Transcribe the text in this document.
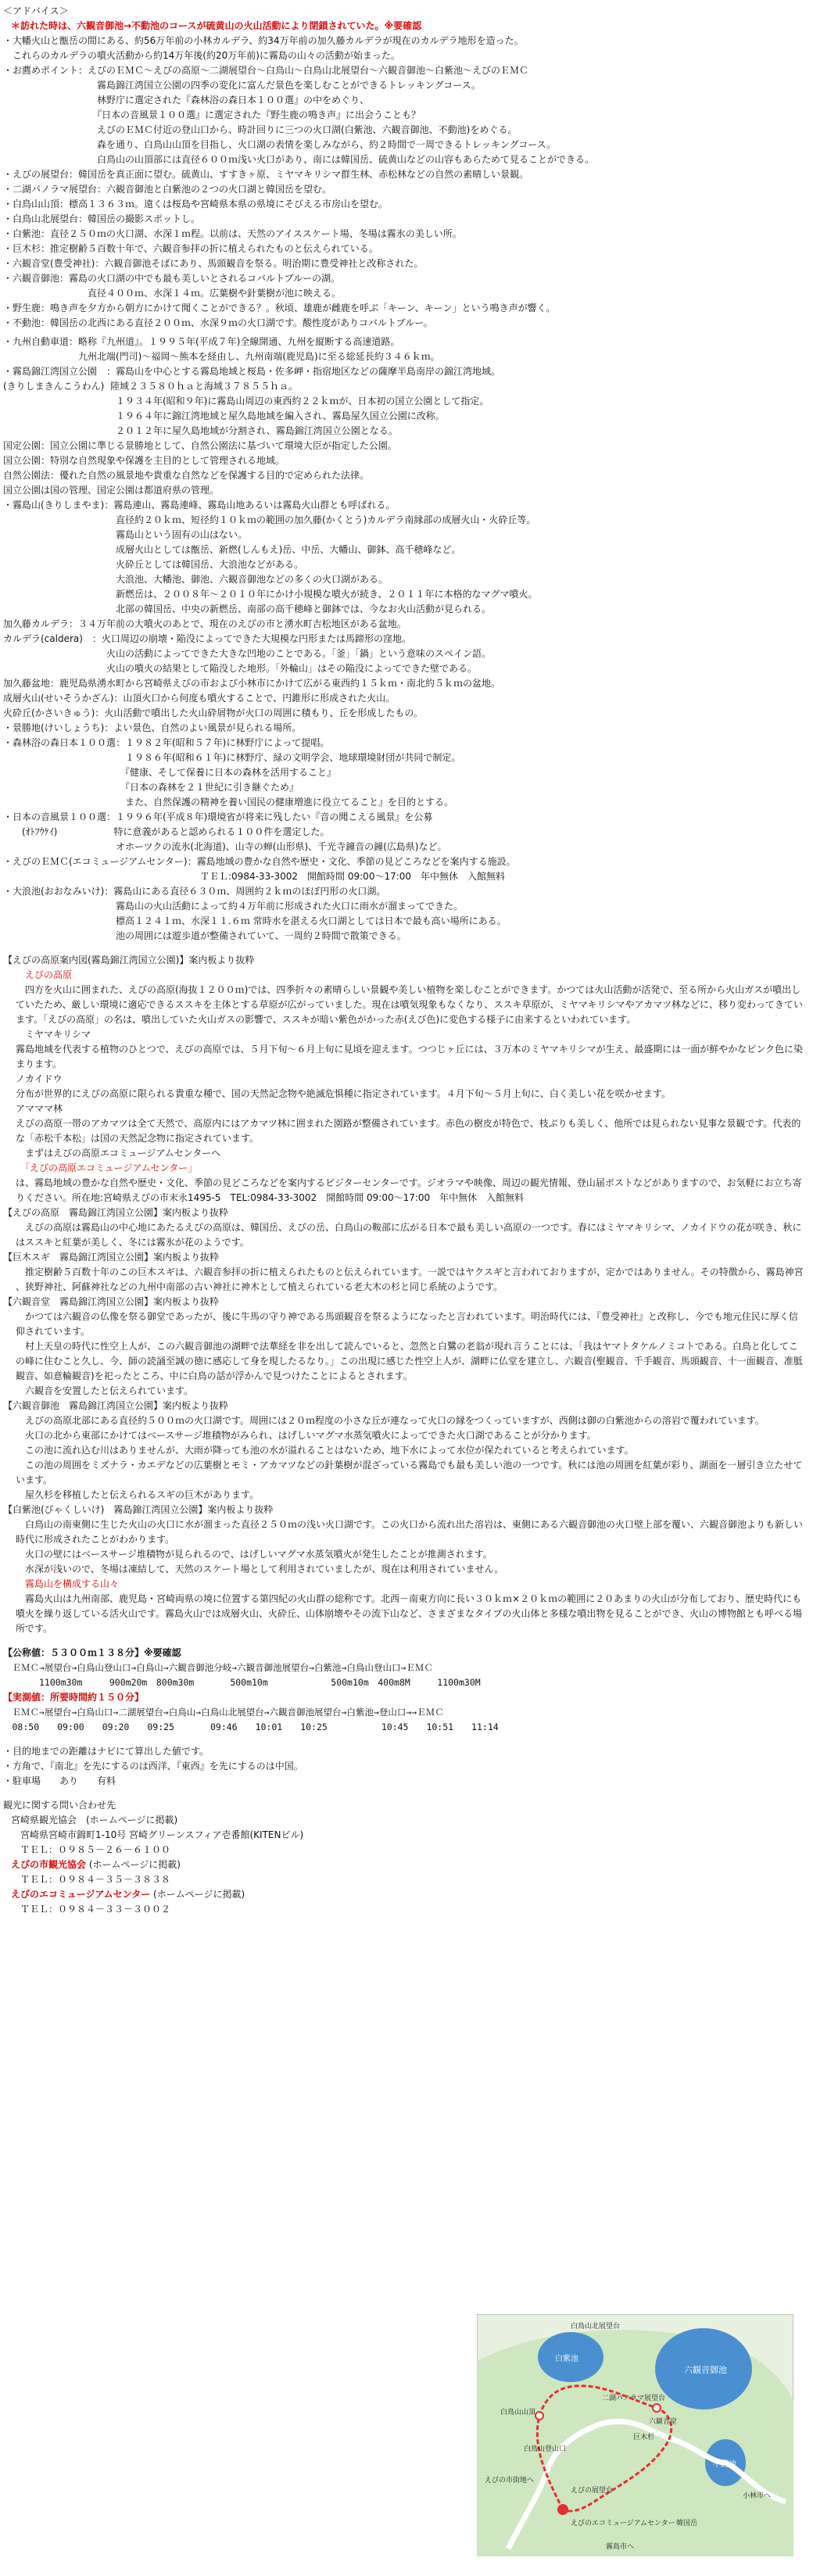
＜アドバイス＞
＊訪れた時は、六観音御池→不動池のコースが硫黄山の火山活動により閉鎖されていた。※要確認
・大幡火山と甑岳の間にある、約56万年前の小林カルデラ、約34万年前の加久藤カルデラが現在のカルデラ地形を造った。
　これらのカルデラの噴火活動から約14万年後(約20万年前)に霧島の山々の活動が始まった。
・お薦めポイント：えびのＥＭＣ～えびの高原～二湖展望台～白鳥山～白鳥山北展望台～六観音御池～白紫池～えびのＥＭＣ
　　　　　　　　　　霧島錦江湾国立公園の四季の変化に富んだ景色を楽しむことができるトレッキングコース。
　　　　　　　　　　林野庁に選定された『森林浴の森日本１００選』の中をめぐり、
　　　　　　　　　　『日本の音風景１００選』に選定された『野生鹿の鳴き声』に出会うことも？
　　　　　　　　　　えびのＥＭＣ付近の登山口から、時計回りに三つの火口湖(白紫池、六観音御池、不動池)をめぐる。
　　　　　　　　　　森を通り、白鳥山山頂を目指し、火口湖の表情を楽しみながら、約２時間で一周できるトレッキングコース。
　　　　　　　　　　白鳥山の山頂部には直径６００ｍ浅い火口があり、南には韓国岳、硫黄山などの山容もあらためて見ることができる。
・えびの展望台：韓国岳を真正面に望む。硫黄山、すすきヶ原、ミヤマキリシマ群生林、赤松林などの自然の素晴しい景観。
・二湖パノラマ展望台：六観音御池と白紫池の２つの火口湖と韓国岳を望む。
・白鳥山山頂：標高１３６３ｍ。遠くは桜島や宮崎県本県の県境にそびえる市房山を望む。
・白鳥山北展望台：韓国岳の撮影スポットし。
・白紫池：直径２５０ｍの火口湖、水深１ｍ程。以前は、天然のアイススケート場、冬場は霧氷の美しい所。
・巨木杉：推定樹齢５百数十年で、六観音参拝の折に植えられたものと伝えられている。
・六観音堂(豊受神社)：六観音御池そばにあり、馬頭観音を祭る。明治期に豊受神社と改称された。
・六観音御池：霧島の火口湖の中でも最も美しいとされるコバルトブルーの湖。
　　　　　　　　　直径４００ｍ、水深１４ｍ。広葉樹や針葉樹が池に映える。
・野生鹿：鳴き声を夕方から朝方にかけて聞くことができる？。秋頃、雄鹿が雌鹿を呼ぶ「キーン、キーン」という鳴き声が響く。
・不動池：韓国岳の北西にある直径２００ｍ、水深９ｍの火口湖です。酸性度がありコバルトブルー。
・九州自動車道：略称『九州道』。１９９５年(平成７年)全線開通、九州を縦断する高速道路。
　　　　　　　　九州北端(門司)～福岡～熊本を経由し、九州南端(鹿児島)に至る総延長約３４６ｋｍ。
・霧島錦江湾国立公園　：霧島山を中心とする霧島地域と桜島・佐多岬・指宿地区などの薩摩半島南岸の錦江湾地域。
(きりしまきんこうわん)  陸域２３５８０ｈａと海域３７８５５ｈａ。
　　　　　　　　　　　　１９３４年(昭和９年)に霧島山周辺の東西約２２ｋｍが、日本初の国立公園として指定。
　　　　　　　　　　　　１９６４年に錦江湾地域と屋久島地域を編入され、霧島屋久国立公園に改称。
　　　　　　　　　　　　２０１２年に屋久島地域が分割され、霧島錦江湾国立公園となる。
国定公園：国立公園に準じる景勝地として、自然公園法に基づいて環境大臣が指定した公園。
国立公園：特別な自然現象や保護を主目的として管理される地域。
自然公園法：優れた自然の風景地や貴重な自然などを保護する目的で定められた法律。
国立公園は国の管理、国定公園は都道府県の管理。
・霧島山(きりしまやま)：霧島連山、霧島連峰、霧島山地あるいは霧島火山群とも呼ばれる。
　　　　　　　　　　　　直径約２０ｋｍ、短径約１０ｋｍの範囲の加久藤(かくとう)カルデラ南縁部の成層火山・火砕丘等。
　　　　　　　　　　　　霧島山という固有の山はない。
　　　　　　　　　　　　成層火山としては甑岳、新燃(しんもえ)岳、中岳、大幡山、御鉢、高千穂峰など。
　　　　　　　　　　　　火砕丘としては韓国岳、大浪池などがある。
　　　　　　　　　　　　大浪池、大幡池、御池、六観音御池などの多くの火口湖がある。
　　　　　　　　　　　　新燃岳は、２００８年～２０１０年にかけ小規模な噴火が続き、２０１１年に本格的なマグマ噴火。
　　　　　　　　　　　　北部の韓国岳、中央の新燃岳、南部の高千穂峰と御鉢では、今なお火山活動が見られる。
加久藤カルデラ：３４万年前の大噴火のあとで、現在のえびの市と湧水町吉松地区がある盆地。
カルデラ(caldera)　：火口周辺の崩壊・陥没によってできた大規模な円形または馬蹄形の窪地。
　　　　　　　　　　　火山の活動によってできた大きな凹地のことである。「釜」「鍋」という意味のスペイン語。
　　　　　　　　　　　火山の噴火の結果として陥没した地形。「外輪山」はその陥没によってできた壁である。
加久藤盆地：鹿児島県湧水町から宮崎県えびの市および小林市にかけて広がる東西約１５ｋｍ・南北約５ｋｍの盆地。
成層火山(せいそうかざん)：山頂火口から何度も噴火することで、円錐形に形成された火山。
火砕丘(かさいきゅう)：火山活動で噴出した火山砕屑物が火口の周囲に積もり、丘を形成したもの。
・景勝地(けいしょうち)：よい景色、自然のよい風景が見られる場所。
・森林浴の森日本１００選：１９８２年(昭和５７年)に林野庁によって提唱。
　　　　　　　　　　　　　１９８６年(昭和６１年)に林野庁、緑の文明学会、地球環境財団が共同で制定。
　　　　　　　　　　　　　『健康、そして保養に日本の森林を活用すること』
　　　　　　　　　　　　　『日本の森林を２１世紀に引き継ぐため』
　　　　　　　　　　　　　また、自然保護の精神を養い国民の健康増進に役立てること』を目的とする。
・日本の音風景１００選：１９９６年(平成８年)環境省が将来に残したい『音の聞こえる風景』を公募
　　(ｵﾄﾌｳｹｲ)　　　　　　特に意義があると認められる１００件を選定した。
　　　　　　　　　　　　オホーツクの流氷(北海道)、山寺の蝉(山形県)、千光寺鐘音の鐘(広島県)など。
・えびのＥＭＣ(エコミュージアムセンター)：霧島地域の豊かな自然や歴史・文化、季節の見どころなどを案内する施設。
　　　　　　　　　　　　　　　　　　　　　ＴＥＬ:0984-33-3002　開館時間 09:00～17:00　年中無休　入館無料
・大浪池(おおなみいけ)：霧島山にある直径６３０ｍ、周囲約２ｋｍのほぼ円形の火口湖。
　　　　　　　　　　　　霧島山の火山活動によって約４万年前に形成された火口に雨水が溜まってできた。
　　　　　　　　　　　　標高１２４１ｍ、水深１１.６ｍ 常時水を湛える火口湖としては日本で最も高い場所にある。
　　　　　　　　　　　　池の周囲には遊歩道が整備されていて、一周約２時間で散策できる。
【えびの高原案内図(霧島錦江湾国立公園)】案内板より抜粋
　えびの高原
　四方を火山に囲まれた、えびの高原(海抜１２００ｍ)では、四季折々の素晴らしい景観や美しい植物を楽しむことができます。かつては火山活動が活発で、至る所から火山ガスが噴出し
ていたため、厳しい環境に適応できるススキを主体とする草原が広がっていました。現在は噴気現象もなくなり、ススキ草原が、ミヤマキリシマやアカマツ林などに、移り変わってきてい
ます。「えびの高原」の名は、噴出していた火山ガスの影響で、ススキが暗い紫色がかった赤(えび色)に変色する様子に由来するといわれています。
　ミヤマキリシマ
霧島地域を代表する植物のひとつで、えびの高原では、５月下旬～６月上旬に見頃を迎えます。つつじヶ丘には、３万本のミヤマキリシマが生え、最盛期には一面が鮮やかなピンク色に染
まります。
ノカイドウ
分布が世界的にえびの高原に限られる貴重な種で、国の天然記念物や絶滅危惧種に指定されています。４月下旬～５月上旬に、白く美しい花を咲かせます。
アマママ林
えびの高原一帯のアカマツは全て天然で、高原内にはアカマツ林に囲まれた園路が整備されています。赤色の樹皮が特色で、枝ぶりも美しく、他所では見られない見事な景観です。代表的
な「赤松千本松」は国の天然記念物に指定されています。
　まずはえびの高原エコミュージアムセンターへ
　「えびの高原エコミュージアムセンター」
は、霧島地域の豊かな自然や歴史・文化、季節の見どころなどを案内するビジターセンターです。ジオラマや映像、周辺の観光情報、登山届ポストなどがありますので、お気軽にお立ち寄
りください。所在地:宮崎県えびの市末永1495-5　TEL:0984-33-3002　開館時間 09:00～17:00　年中無休　入館無料
【えびの高原　霧島錦江湾国立公園】案内板より抜粋
　えびの高原は霧島山の中心地にあたるえびの高原は、韓国岳、えびの岳、白鳥山の鞍部に広がる日本で最も美しい高原の一つです。春にはミヤマキリシマ、ノカイドウの花が咲き、秋に
はススキと紅葉が美しく、冬には霧氷が花のようです。
【巨木スギ　霧島錦江湾国立公園】案内板より抜粋
　推定樹齢５百数十年のこの巨木スギは、六観音参拝の折に植えられたものと伝えられています。一説ではヤクスギと言われておりますが、定かではありません。その特徴から、霧島神宮
、狭野神社、阿蘇神社などの九州中南部の古い神社に神木として植えられている老大木の杉と同じ系統のようです。
【六観音堂　霧島錦江湾国立公園】案内板より抜粋
　かつては六観音の仏像を祭る御堂であったが、後に牛馬の守り神である馬頭観音を祭るようになったと言われています。明治時代には、『豊受神社』と改称し、今でも地元住民に厚く信
仰されています。
　村上天皇の時代に性空上人が、この六観音御池の湖畔で法華経を非を出して読んでいると、忽然と白鷺の老翁が現れ言うことには、「我はヤマトタケルノミコトである。白鳥と化してこ
の峰に住むこと久し、今、師の読誦至誠の徳に感応して身を現したるなり。」この出現に感じた性空上人が、湖畔に仏堂を建立し、六観音(聖観音、千手観音、馬頭観音、十一面観音、准胝
観音、如意輪観音)を祀ったところ、中に白鳥の話が浮かんで見つけたことによるとされます。
　六観音を安置したと伝えられています。
【六観音御池　霧島錦江湾国立公園】案内板より抜粋
　えびの高原北部にある直径約５００ｍの火口湖です。周囲には２０ｍ程度の小さな丘が連なって火口の縁をつくっていますが、西側は御の白紫池からの溶岩で覆われています。
　火口の北から東部にかけてはベースサージ堆積物がみられ、はげしいマグマ水蒸気噴火によってできた火口湖であることが分かります。
　この池に流れ込む川はありませんが、大雨が降っても池の水が溢れることはないため、地下水によって水位が保たれていると考えられています。
　この池の周囲をミズナラ・カエデなどの広葉樹とモミ・アカマツなどの針葉樹が混ざっている霧島でも最も美しい池の一つです。秋には池の周囲を紅葉が彩り、湖面を一層引き立たせて
います。
　屋久杉を移植したと伝えられるスギの巨木があります。
【白紫池(びゃくしいけ)　霧島錦江湾国立公園】案内板より抜粋
　白鳥山の南東側に生じた火山の火口に水が溜まった直径２５０ｍの浅い火口湖です。この火口から流れ出た溶岩は、東側にある六観音御池の火口壁上部を覆い、六観音御池よりも新しい
時代に形成されたことがわかります。
　火口の壁にはベースサージ堆積物が見られるので、はげしいマグマ水蒸気噴火が発生したことが推測されます。
　水深が浅いので、冬場は凍結して、天然のスケート場として利用されていましたが、現在は利用されていません。
　霧島山を構成する山々
　霧島火山は九州南部、鹿児島・宮崎両県の境に位置する第四紀の火山群の総称です。北西－南東方向に長い３０ｋｍ×２０ｋｍの範囲に２０あまりの火山が分布しており、歴史時代にも
噴火を繰り返している活火山です。霧島火山では成層火山、火砕丘、山体崩壊やその流下山など、さまざまなタイプの火山体と多様な噴出物を見ることができ、火山の博物館とも呼べる場
所です。
【公称値：５３００ｍ１３８分】※要確認
　ＥＭＣ→展望台→白鳥山登山口→白鳥山→六観音御池分岐→六観音御池展望台→白紫池→白鳥山登山口→ＥＭＣ
　　　　1100m30m　　　900m20m　800m30m　　　　500m10m　　　　　　　500m10m　400m8M　　　1100m30M
【実測値：所要時間約１５０分】
　ＥＭＣ→展望台→白鳥山口→二湖展望台→白鳥山→白鳥山北展望台→六観音御池展望台→白紫池→登山口→→ＥＭＣ
　08:50　　09:00　　09:20　　09:25　　　　09:46　　10:01　　10:25　　　　　　10:45　　10:51　　11:14
・目的地までの距離はナビにて算出した値です。
・方角で、『南北』を先にするのは西洋、『東西』を先にするのは中国。
・駐車場　　あり　　有料
観光に関する問い合わせ先
宮崎県観光協会　(ホームページに掲載)
　宮崎県宮崎市錦町1-10号 宮崎グリーンスフィア壱番館(KITENビル)
　ＴＥＬ：０９８５－２６－６１００
えびの市観光協会 (ホームページに掲載)
　ＴＥＬ：０９８４－３５－３８３８
えびのエコミュージアムセンター (ホームページに掲載)
　ＴＥＬ：０９８４－３３－３００２
白紫池
六観音御池
不動池
白鳥山北展望台
白鳥山山頂
二湖パノラマ展望台
えびのエコミュージアムセンター
小林市へ
霧島市へ
えびの市街地へ
韓国岳
六観音堂
巨木杉
白鳥山登山口
えびの展望台
